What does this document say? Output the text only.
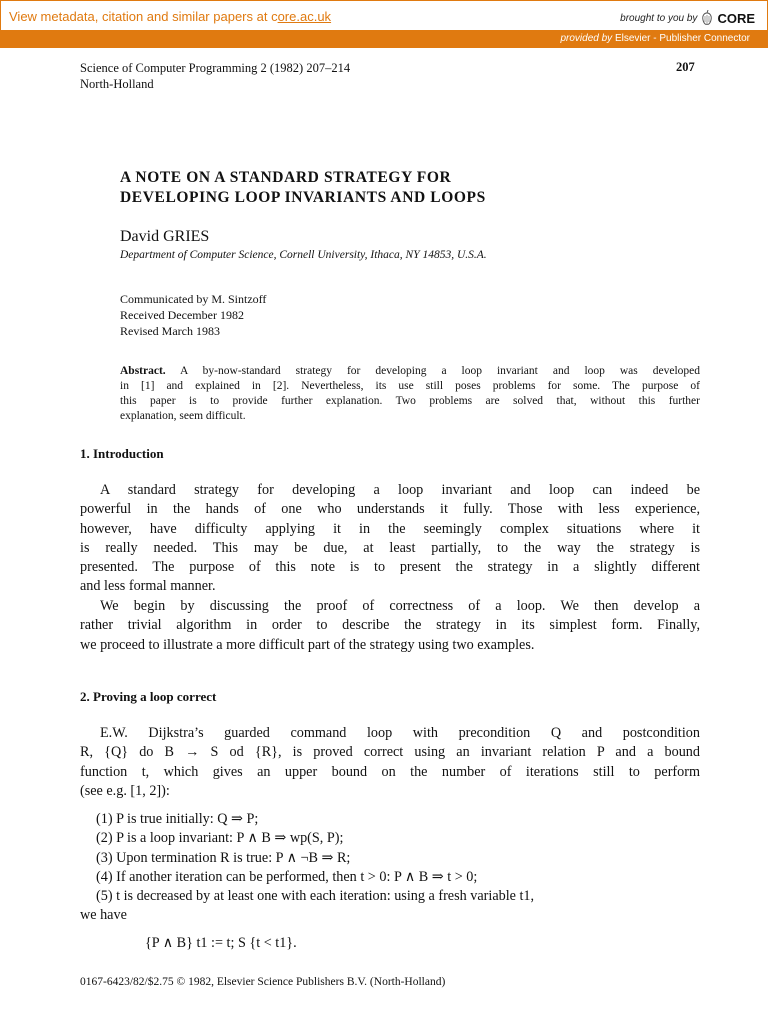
View metadata, citation and similar papers at core.ac.uk	brought to you by CORE
provided by Elsevier - Publisher Connector
Science of Computer Programming 2 (1982) 207–214
North-Holland
207
A NOTE ON A STANDARD STRATEGY FOR
DEVELOPING LOOP INVARIANTS AND LOOPS
David GRIES
Department of Computer Science, Cornell University, Ithaca, NY 14853, U.S.A.
Communicated by M. Sintzoff
Received December 1982
Revised March 1983
Abstract. A by-now-standard strategy for developing a loop invariant and loop was developed
in [1] and explained in [2]. Nevertheless, its use still poses problems for some. The purpose of
this paper is to provide further explanation. Two problems are solved that, without this further
explanation, seem difficult.
1. Introduction
A standard strategy for developing a loop invariant and loop can indeed be
powerful in the hands of one who understands it fully. Those with less experience,
however, have difficulty applying it in the seemingly complex situations where it
is really needed. This may be due, at least partially, to the way the strategy is
presented. The purpose of this note is to present the strategy in a slightly different
and less formal manner.
We begin by discussing the proof of correctness of a loop. We then develop a
rather trivial algorithm in order to describe the strategy in its simplest form. Finally,
we proceed to illustrate a more difficult part of the strategy using two examples.
2. Proving a loop correct
E.W. Dijkstra’s guarded command loop with precondition Q and postcondition
R, {Q} do B → S od {R}, is proved correct using an invariant relation P and a bound
function t, which gives an upper bound on the number of iterations still to perform
(see e.g. [1, 2]):
(1) P is true initially: Q ⇒ P;
(2) P is a loop invariant: P ∧ B ⇒ wp(S, P);
(3) Upon termination R is true: P ∧ ¬B ⇒ R;
(4) If another iteration can be performed, then t > 0: P ∧ B ⇒ t > 0;
(5) t is decreased by at least one with each iteration: using a fresh variable t1,
we have
{P ∧ B} t1 := t; S {t < t1}.
0167-6423/82/$2.75 © 1982, Elsevier Science Publishers B.V. (North-Holland)
